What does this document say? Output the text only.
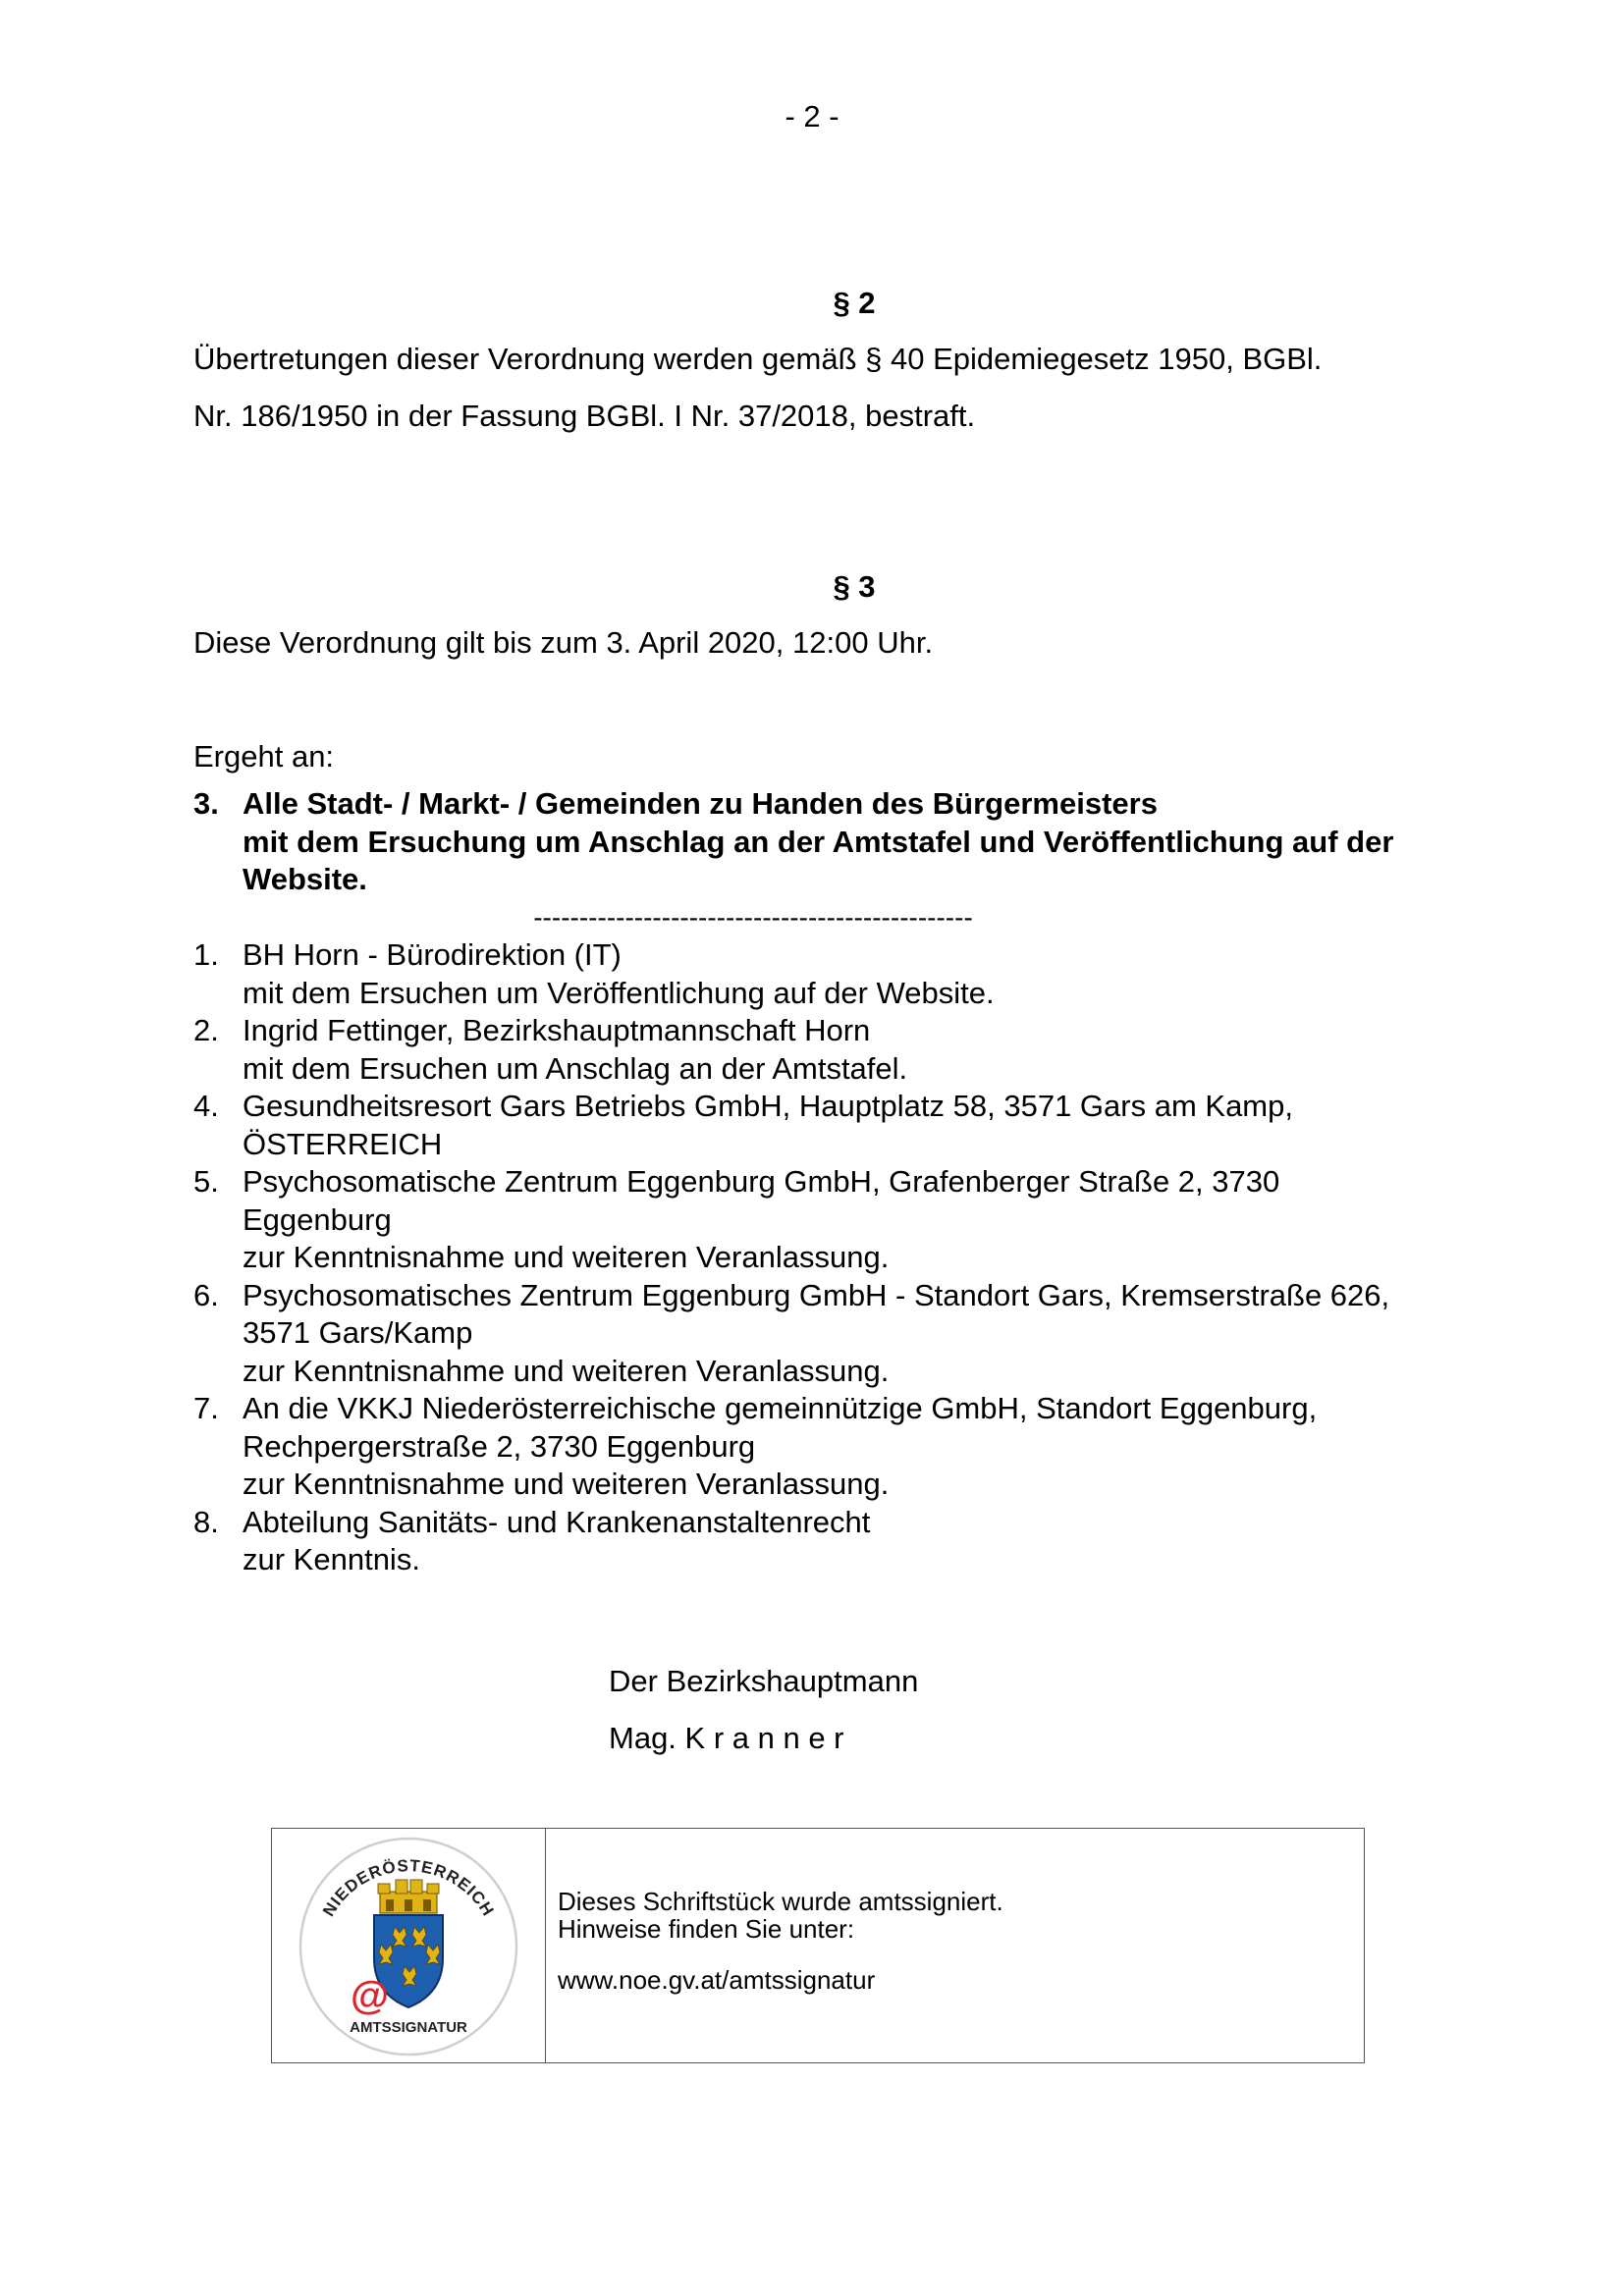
- 2 -
§ 2
Übertretungen dieser Verordnung werden gemäß § 40 Epidemiegesetz 1950, BGBl.
Nr. 186/1950 in der Fassung BGBl. I Nr. 37/2018, bestraft.
§ 3
Diese Verordnung gilt bis zum 3. April 2020, 12:00 Uhr.
Ergeht an:
3. Alle Stadt- / Markt- / Gemeinden zu Handen des Bürgermeisters
mit dem Ersuchung um Anschlag an der Amtstafel und Veröffentlichung auf der
Website.
------------------------------------------------
1. BH Horn - Bürodirektion (IT)
mit dem Ersuchen um Veröffentlichung auf der Website.
2. Ingrid Fettinger, Bezirkshauptmannschaft Horn
mit dem Ersuchen um Anschlag an der Amtstafel.
4. Gesundheitsresort Gars Betriebs GmbH, Hauptplatz 58, 3571 Gars am Kamp,
ÖSTERREICH
5. Psychosomatische Zentrum Eggenburg GmbH, Grafenberger Straße 2, 3730
Eggenburg
zur Kenntnisnahme und weiteren Veranlassung.
6. Psychosomatisches Zentrum Eggenburg GmbH - Standort Gars, Kremserstraße 626,
3571 Gars/Kamp
zur Kenntnisnahme und weiteren Veranlassung.
7. An die VKKJ Niederösterreichische gemeinnützige GmbH, Standort Eggenburg,
Rechpergerstraße 2, 3730 Eggenburg
zur Kenntnisnahme und weiteren Veranlassung.
8. Abteilung Sanitäts- und Krankenanstaltenrecht
zur Kenntnis.
Der Bezirkshauptmann
Mag. K r a n n e r
NIEDERÖSTERREICH
@
AMTSSIGNATUR
Dieses Schriftstück wurde amtssigniert.
Hinweise finden Sie unter:
www.noe.gv.at/amtssignatur
